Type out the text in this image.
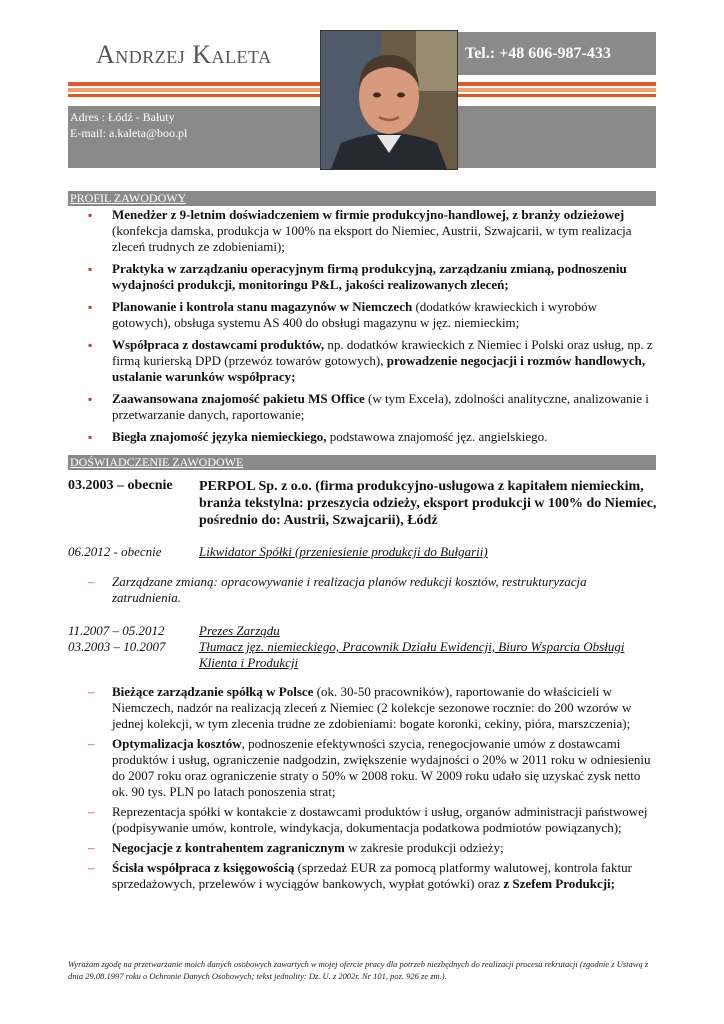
Andrzej Kaleta	Tel.: +48 606-987-433
Adres : Łódź - Bałuty
E-mail: a.kaleta@boo.pl
PROFIL ZAWODOWY
▪ Menedżer z 9-letnim doświadczeniem w firmie produkcyjno-handlowej, z branży odzieżowej (konfekcja damska, produkcja w 100% na eksport do Niemiec, Austrii, Szwajcarii, w tym realizacja zleceń trudnych ze zdobieniami);
▪ Praktyka w zarządzaniu operacyjnym firmą produkcyjną, zarządzaniu zmianą, podnoszeniu wydajności produkcji, monitoringu P&L, jakości realizowanych zleceń;
▪ Planowanie i kontrola stanu magazynów w Niemczech (dodatków krawieckich i wyrobów gotowych), obsługa systemu AS 400 do obsługi magazynu w jęz. niemieckim;
▪ Współpraca z dostawcami produktów, np. dodatków krawieckich z Niemiec i Polski oraz usług, np. z firmą kurierską DPD (przewóz towarów gotowych), prowadzenie negocjacji i rozmów handlowych, ustalanie warunków współpracy;
▪ Zaawansowana znajomość pakietu MS Office (w tym Excela), zdolności analityczne, analizowanie i przetwarzanie danych, raportowanie;
▪ Biegła znajomość języka niemieckiego, podstawowa znajomość jęz. angielskiego.
DOŚWIADCZENIE ZAWODOWE
03.2003 – obecnie	PERPOL Sp. z o.o. (firma produkcyjno-usługowa z kapitałem niemieckim, branża tekstylna: przeszycia odzieży, eksport produkcji w 100% do Niemiec, pośrednio do: Austrii, Szwajcarii), Łódź
06.2012 - obecnie	Likwidator Spółki (przeniesienie produkcji do Bułgarii)
– Zarządzane zmianą: opracowywanie i realizacja planów redukcji kosztów, restrukturyzacja zatrudnienia.
11.2007 – 05.2012	Prezes Zarządu
03.2003 – 10.2007	Tłumacz jęz. niemieckiego, Pracownik Działu Ewidencji, Biuro Wsparcia Obsługi Klienta i Produkcji
– Bieżące zarządzanie spółką w Polsce (ok. 30-50 pracowników), raportowanie do właścicieli w Niemczech, nadzór na realizacją zleceń z Niemiec (2 kolekcje sezonowe rocznie: do 200 wzorów w jednej kolekcji, w tym zlecenia trudne ze zdobieniami: bogate koronki, cekiny, pióra, marszczenia);
– Optymalizacja kosztów, podnoszenie efektywności szycia, renegocjowanie umów z dostawcami produktów i usług, ograniczenie nadgodzin, zwiększenie wydajności o 20% w 2011 roku w odniesieniu do 2007 roku oraz ograniczenie straty o 50% w 2008 roku. W 2009 roku udało się uzyskać zysk netto ok. 90 tys. PLN po latach ponoszenia strat;
– Reprezentacja spółki w kontakcie z dostawcami produktów i usług, organów administracji państwowej (podpisywanie umów, kontrole, windykacja, dokumentacja podatkowa podmiotów powiązanych);
– Negocjacje z kontrahentem zagranicznym w zakresie produkcji odzieży;
– Ścisła współpraca z księgowością (sprzedaż EUR za pomocą platformy walutowej, kontrola faktur sprzedażowych, przelewów i wyciągów bankowych, wypłat gotówki) oraz z Szefem Produkcji;
Wyrażam zgodę na przetwarzanie moich danych osobowych zawartych w mojej ofercie pracy dla potrzeb niezbędnych do realizacji procesu rekrutacji (zgodnie z Ustawą z dnia 29.08.1997 roku o Ochronie Danych Osobowych; tekst jednolity: Dz. U. z 2002r. Nr 101, poz. 926 ze zm.).
